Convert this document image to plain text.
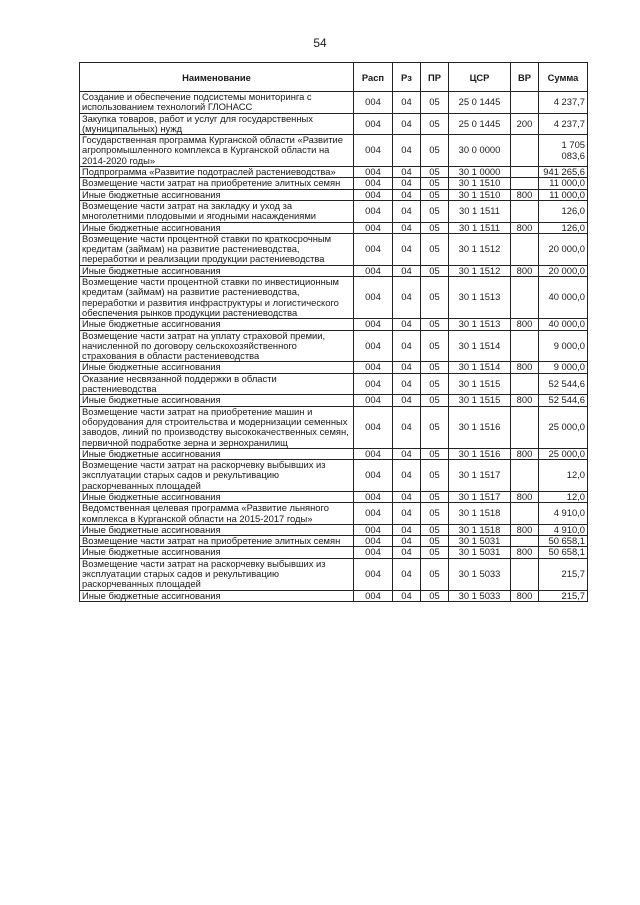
54
Наименование	Расп	Рз	ПР	ЦСР	ВР	Сумма
Создание и обеспечение подсистемы мониторинга с использованием технологий ГЛОНАСС	004	04	05	25 0 1445		4 237,7
Закупка товаров, работ и услуг для государственных (муниципальных) нужд	004	04	05	25 0 1445	200	4 237,7
Государственная программа Курганской области «Развитие агропромышленного комплекса в Курганской области на 2014-2020 годы»	004	04	05	30 0 0000		1 705 083,6
Подпрограмма «Развитие подотраслей растениеводства»	004	04	05	30 1 0000		941 265,6
Возмещение части затрат на приобретение элитных семян	004	04	05	30 1 1510		11 000,0
Иные бюджетные ассигнования	004	04	05	30 1 1510	800	11 000,0
Возмещение части затрат на закладку и уход за многолетними плодовыми и ягодными насаждениями	004	04	05	30 1 1511		126,0
Иные бюджетные ассигнования	004	04	05	30 1 1511	800	126,0
Возмещение части процентной ставки по краткосрочным кредитам (займам) на развитие растениеводства, переработки и реализации продукции растениеводства	004	04	05	30 1 1512		20 000,0
Иные бюджетные ассигнования	004	04	05	30 1 1512	800	20 000,0
Возмещение части процентной ставки по инвестиционным кредитам (займам) на развитие растениеводства, переработки и развития инфраструктуры и логистического обеспечения рынков продукции растениеводства	004	04	05	30 1 1513		40 000,0
Иные бюджетные ассигнования	004	04	05	30 1 1513	800	40 000,0
Возмещение части затрат на уплату страховой премии, начисленной по договору сельскохозяйственного страхования в области растениеводства	004	04	05	30 1 1514		9 000,0
Иные бюджетные ассигнования	004	04	05	30 1 1514	800	9 000,0
Оказание несвязанной поддержки в области растениеводства	004	04	05	30 1 1515		52 544,6
Иные бюджетные ассигнования	004	04	05	30 1 1515	800	52 544,6
Возмещение части затрат на приобретение машин и оборудования для строительства и модернизации семенных заводов, линий по производству высококачественных семян, первичной подработке зерна и зернохранилищ	004	04	05	30 1 1516		25 000,0
Иные бюджетные ассигнования	004	04	05	30 1 1516	800	25 000,0
Возмещение части затрат на раскорчевку выбывших из эксплуатации старых садов и рекультивацию раскорчеванных площадей	004	04	05	30 1 1517		12,0
Иные бюджетные ассигнования	004	04	05	30 1 1517	800	12,0
Ведомственная целевая программа «Развитие льняного комплекса в Курганской области на 2015-2017 годы»	004	04	05	30 1 1518		4 910,0
Иные бюджетные ассигнования	004	04	05	30 1 1518	800	4 910,0
Возмещение части затрат на приобретение элитных семян	004	04	05	30 1 5031		50 658,1
Иные бюджетные ассигнования	004	04	05	30 1 5031	800	50 658,1
Возмещение части затрат на раскорчевку выбывших из эксплуатации старых садов и рекультивацию раскорчеванных площадей	004	04	05	30 1 5033		215,7
Иные бюджетные ассигнования	004	04	05	30 1 5033	800	215,7
